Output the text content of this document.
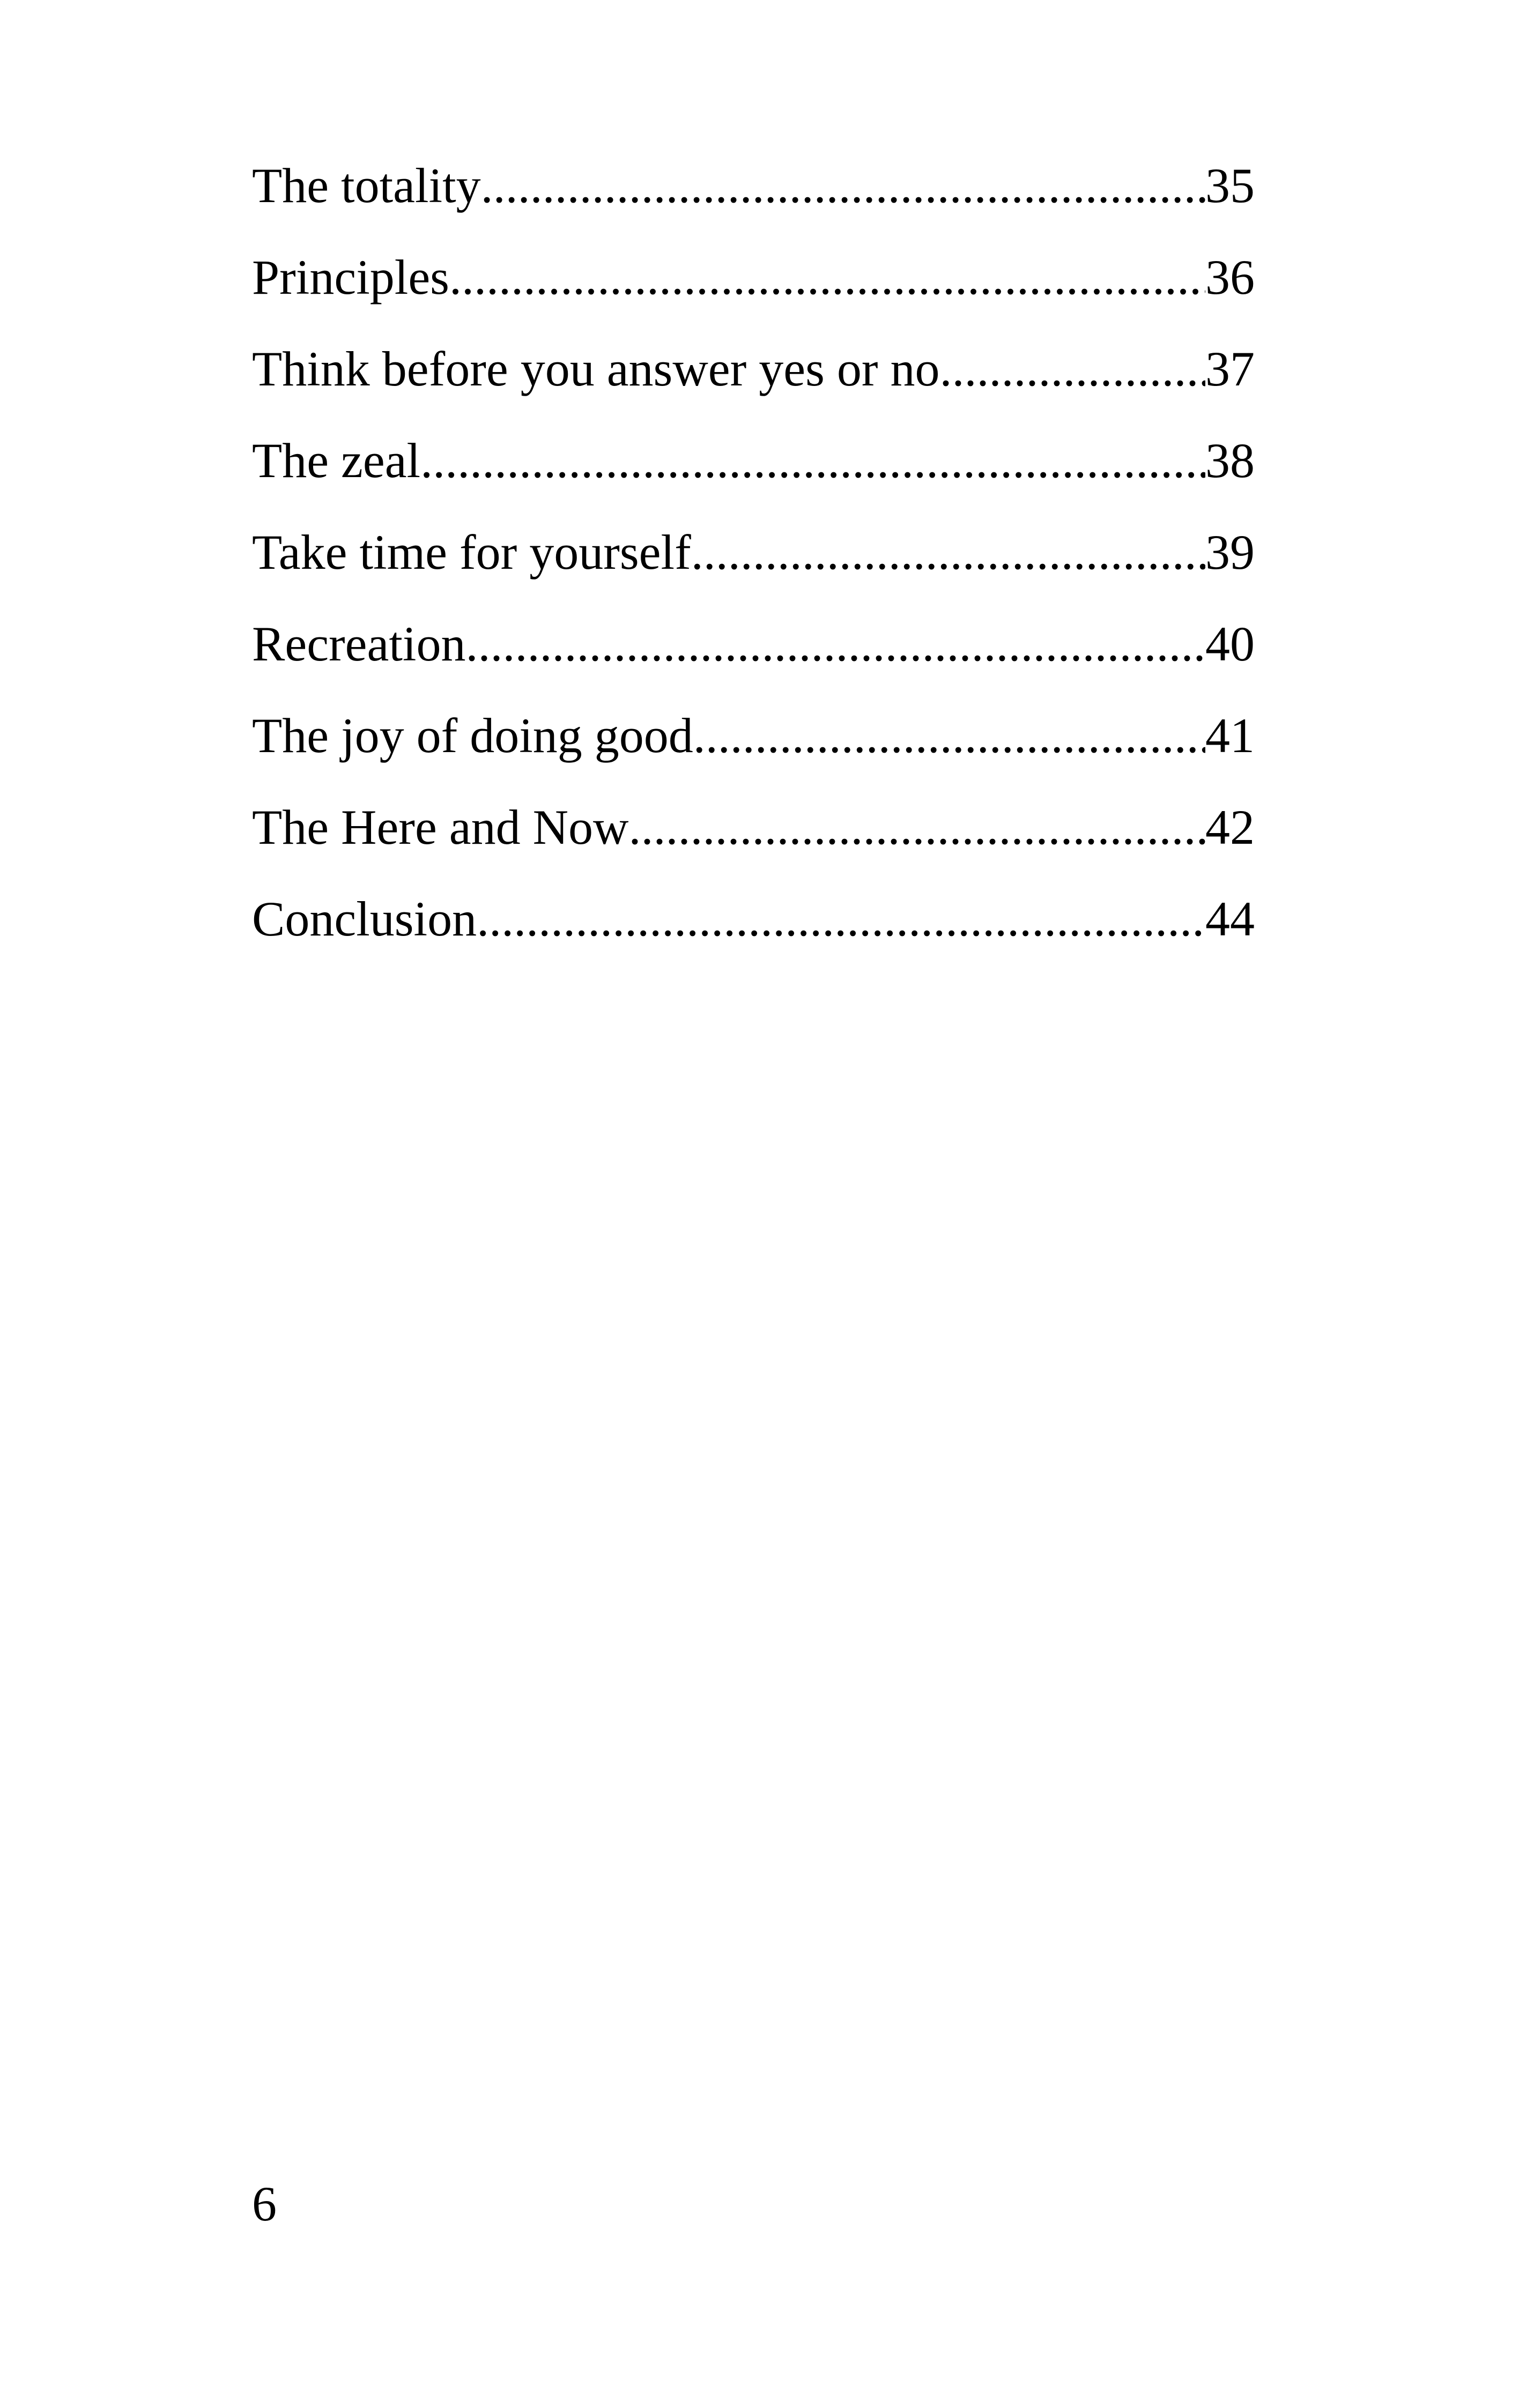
The totality .....	35
Principles .....	36
Think before you answer yes or no .....	37
The zeal .....	38
Take time for yourself .....	39
Recreation .....	40
The joy of doing good .....	41
The Here and Now .....	42
Conclusion .....	44
6
